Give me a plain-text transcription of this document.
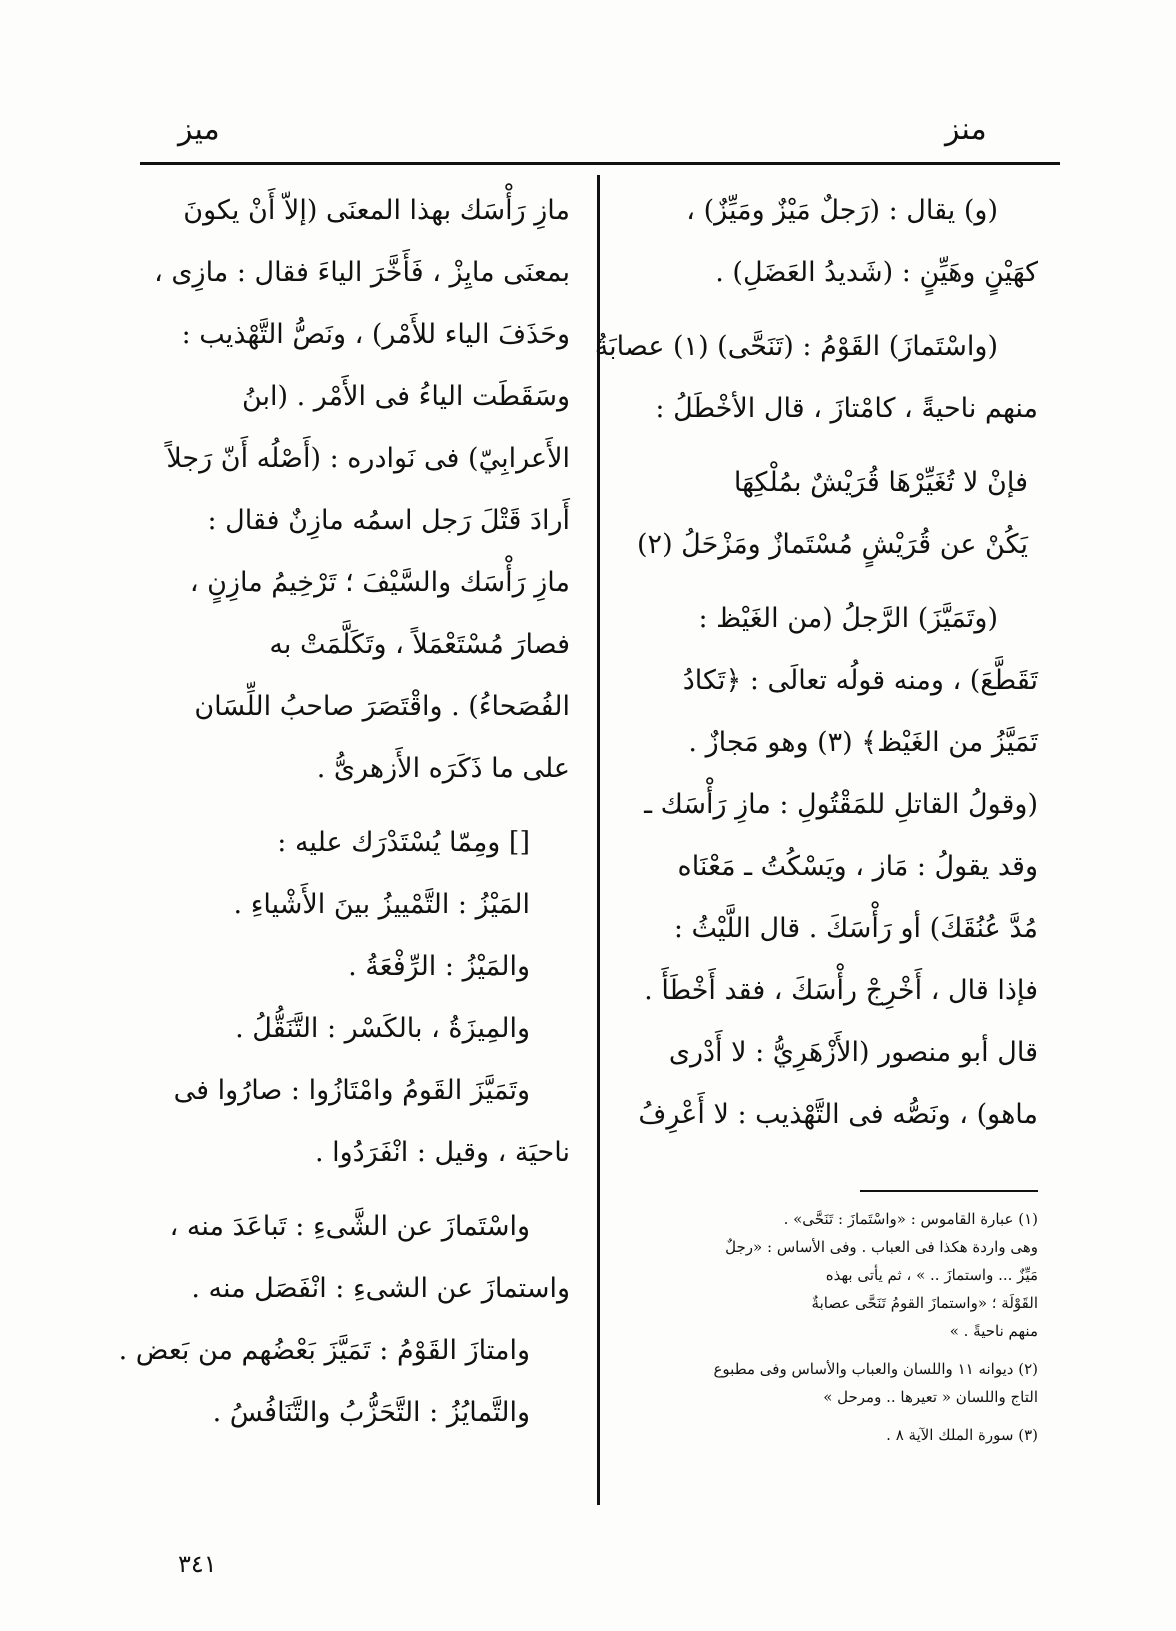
منز
ميز
(و) يقال : (رَجلٌ مَيْزٌ ومَيِّزٌ) ،
كهَيْنٍ وهَيِّنٍ : (شَديدُ العَضَلِ) .
(واسْتَمازَ) القَوْمُ : (تَنَحَّى) (١) عصابَةٌ
منهم ناحيةً ، كامْتازَ ، قال الأخْطَلُ :
فإنْ لا تُغَيِّرْهَا قُرَيْشٌ بمُلْكِهَا
يَكُنْ عن قُرَيْشٍ مُسْتَمازٌ ومَزْحَلُ (٢)
(وتَمَيَّزَ) الرَّجلُ (من الغَيْظ :
تَقَطَّعَ) ، ومنه قولُه تعالَى : ﴿تَكادُ
تَمَيَّزُ من الغَيْظ﴾ (٣) وهو مَجازٌ .
(وقولُ القاتلِ للمَقْتُولِ : مازِ رَأْسَك ـ
وقد يقولُ : مَاز ، ويَسْكُتُ ـ مَعْنَاه
مُدَّ عُنُقَكَ) أو رَأْسَكَ . قال اللَّيْثُ :
فإذا قال ، أَخْرِجْ رأْسَكَ ، فقد أَخْطَأَ .
قال أبو منصور (الأَزْهَرِيُّ : لا أَدْرى
ماهو) ، ونَصُّه فى التَّهْذيب : لا أَعْرِفُ
(١) عبارة القاموس : «واسْتَمازَ : تَنَحَّى» .
وهى واردة هكذا فى العباب . وفى الأساس : «رجلٌ
مَيِّزٌ ... واستمازَ .. » ، ثم يأتى بهذه
القَوْلَة ؛ «واستمازَ القومُ تَنَحَّى عصابةٌ
منهم ناحيةً . »
(٢) ديوانه ١١ واللسان والعباب والأساس وفى مطبوع
التاج واللسان « تعيرها .. ومرحل »
(٣) سورة الملك الآية ٨ .
مازِ رَأْسَك بهذا المعنَى (إلاّ أَنْ يكونَ
بمعنَى مايِزْ ، فَأَخَّرَ الياءَ فقال : مازِى ،
وحَذَفَ الياء للأَمْر) ، ونَصُّ التَّهْذيب :
وسَقَطَت الياءُ فى الأَمْر . (ابنُ
الأَعرابِيّ) فى نَوادره : (أَصْلُه أَنّ رَجلاً
أَرادَ قَتْلَ رَجل اسمُه مازِنٌ فقال :
مازِ رَأْسَك والسَّيْفَ ؛ تَرْخِيمُ مازِنٍ ،
فصارَ مُسْتَعْمَلاً ، وتَكَلَّمَتْ به
الفُصَحاءُ) . واقْتَصَرَ صاحبُ اللِّسَان
على ما ذَكَرَه الأَزهرىُّ .
[] ومِمّا يُسْتَدْرَك عليه :
المَيْزُ : التَّمْييزُ بينَ الأَشْياءِ .
والمَيْزُ : الرِّفْعَةُ .
والمِيزَةُ ، بالكَسْر : التَّنَقُّلُ .
وتَمَيَّزَ القَومُ وامْتَازُوا : صارُوا فى
ناحيَة ، وقيل : انْفَرَدُوا .
واسْتَمازَ عن الشَّىءِ : تَباعَدَ منه ،
واستمازَ عن الشىءِ : انْفَصَل منه .
وامتازَ القَوْمُ : تَمَيَّزَ بَعْضُهم من بَعض .
والتَّمايُزُ : التَّحَزُّبُ والتَّنَافُسُ .
٣٤١
